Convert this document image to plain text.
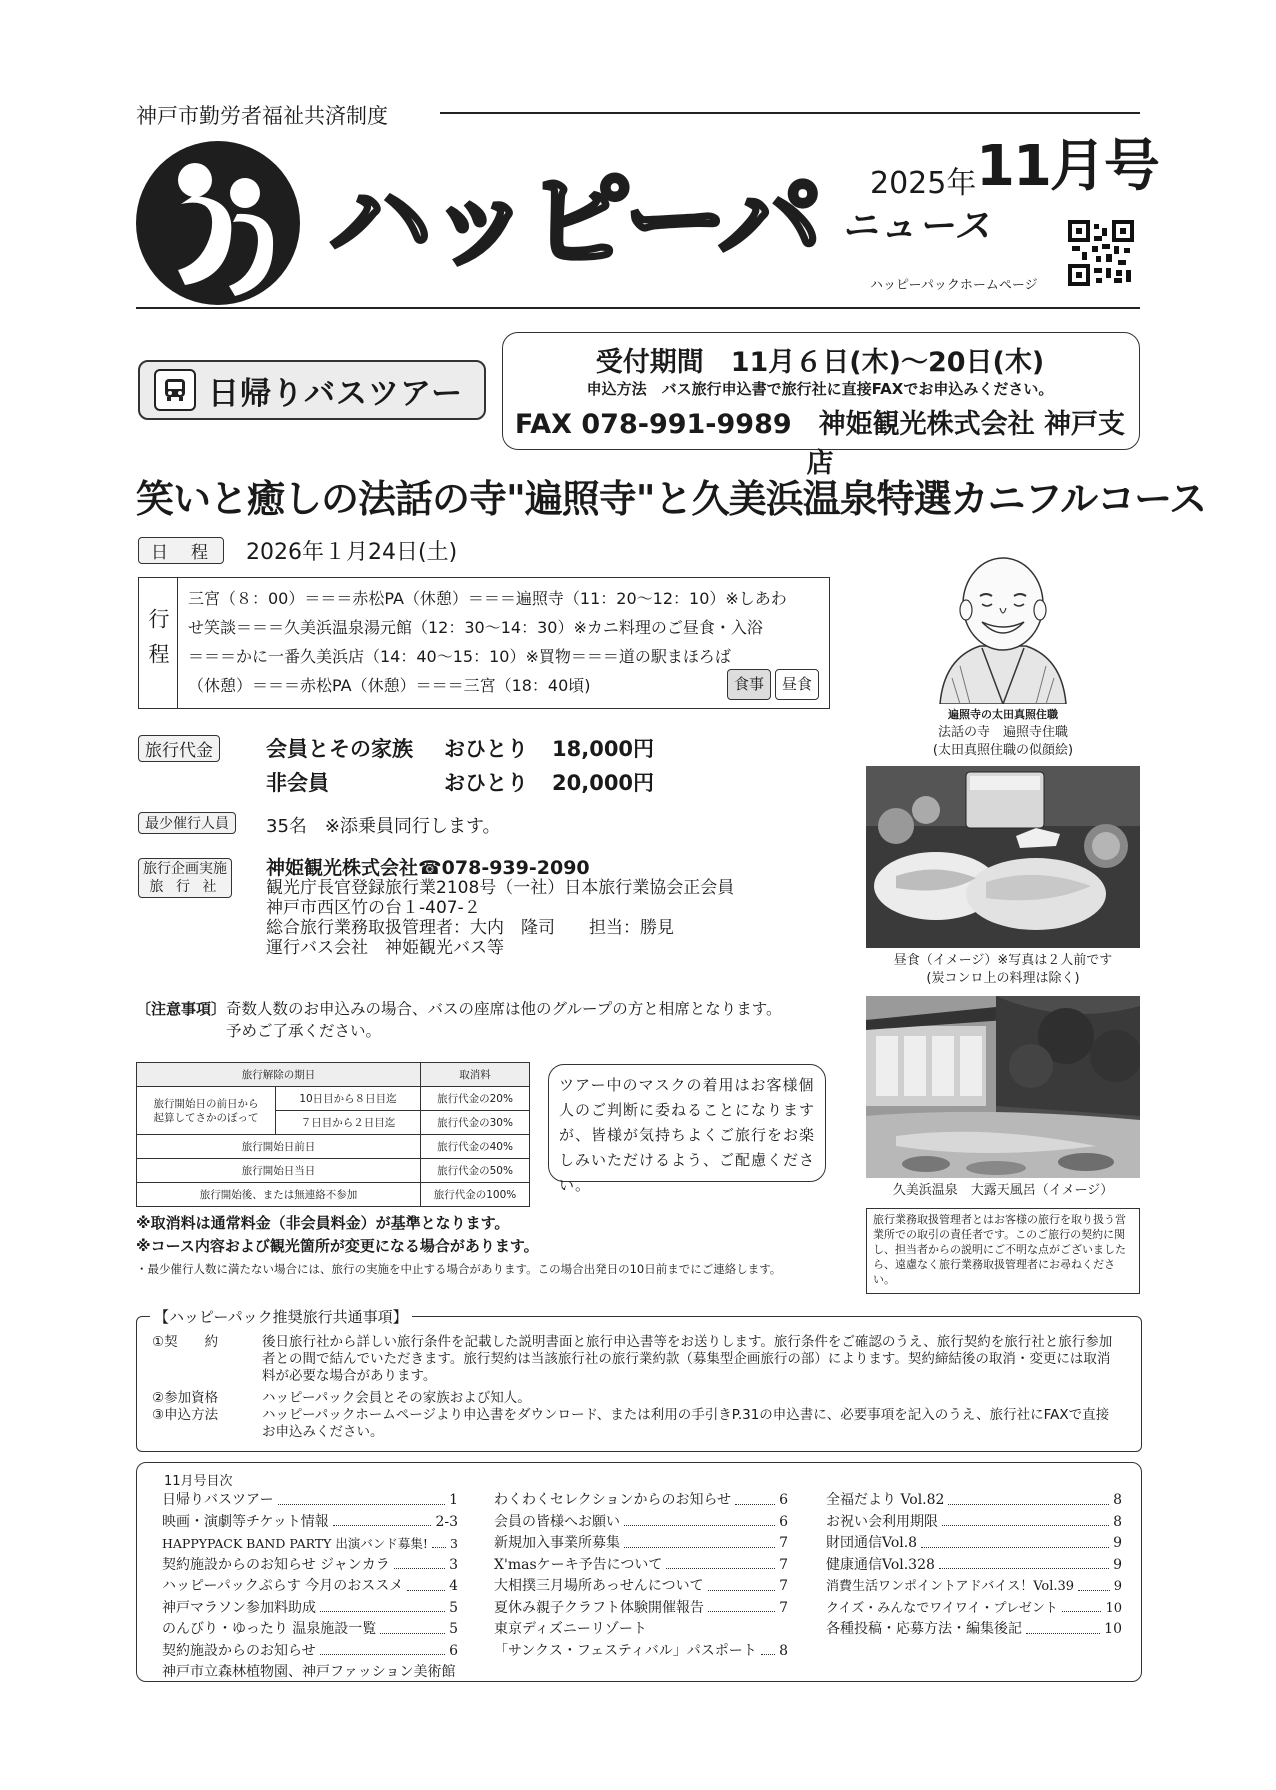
神戸市勤労者福祉共済制度
ハッピーパ ニュース
2025年 11月号
ハッピーパックホームページ
日帰りバスツアー
受付期間　11月６日(木)～20日(木)
申込方法　バス旅行申込書で旅行社に直接FAXでお申込みください。
FAX 078-991-9989　神姫観光株式会社 神戸支店
笑いと癒しの法話の寺"遍照寺"と久美浜温泉特選カニフルコース
日　程	2026年１月24日(土)
行程
三宮（８：00）＝＝＝赤松PA（休憩）＝＝＝遍照寺（11：20～12：10）※しあわ
せ笑談＝＝＝久美浜温泉湯元館（12：30～14：30）※カニ料理のご昼食・入浴
＝＝＝かに一番久美浜店（14：40～15：10）※買物＝＝＝道の駅まほろば
（休憩）＝＝＝赤松PA（休憩）＝＝＝三宮（18：40頃)	食事	昼食
旅行代金	会員とその家族	おひとり	18,000円
非会員	おひとり	20,000円
最少催行人員	35名　※添乗員同行します。
旅行企画実施
旅 行 社
神姫観光株式会社☎078-939-2090
観光庁長官登録旅行業2108号（一社）日本旅行業協会正会員
神戸市西区竹の台１-407-２
総合旅行業務取扱管理者：大内　隆司　　担当：勝見
運行バス会社　神姫観光バス等
〔注意事項〕 奇数人数のお申込みの場合、バスの座席は他のグループの方と相席となります。
予めご了承ください。
旅行解除の期日		取消料

旅行開始日の前日から
起算してさかのぼって	10日目から８日目迄	旅行代金の20%
	７日目から２日目迄	旅行代金の30%
旅行開始日前日		旅行代金の40%
旅行開始日当日		旅行代金の50%
旅行開始後、または無連絡不参加		旅行代金の100%
ツアー中のマスクの着用はお客様個人のご判断に委ねることになりますが、皆様が気持ちよくご旅行をお楽しみいただけるよう、ご配慮ください。
※取消料は通常料金（非会員料金）が基準となります。
※コース内容および観光箇所が変更になる場合があります。
・最少催行人数に満たない場合には、旅行の実施を中止する場合があります。この場合出発日の10日前までにご連絡します。
遍照寺の太田真照住職
法話の寺　遍照寺住職
(太田真照住職の似顔絵)
昼食（イメージ）※写真は２人前です
(炭コンロ上の料理は除く)
久美浜温泉　大露天風呂（イメージ）
旅行業務取扱管理者とはお客様の旅行を取り扱う営業所での取引の責任者です。このご旅行の契約に関し、担当者からの説明にご不明な点がございましたら、遠慮なく旅行業務取扱管理者にお尋ねください。
【ハッピーパック推奨旅行共通事項】
①契　　約	後日旅行社から詳しい旅行条件を記載した説明書面と旅行申込書等をお送りします。旅行条件をご確認のうえ、旅行契約を旅行社と旅行参加者との間で結んでいただきます。旅行契約は当該旅行社の旅行業約款（募集型企画旅行の部）によります。契約締結後の取消・変更には取消料が必要な場合があります。
②参加資格	ハッピーパック会員とその家族および知人。
③申込方法	ハッピーパックホームページより申込書をダウンロード、または利用の手引きP.31の申込書に、必要事項を記入のうえ、旅行社にFAXで直接お申込みください。
11月号目次
日帰りバスツアー	1
映画・演劇等チケット情報	2-3
HAPPYPACK BAND PARTY 出演バンド募集! 3
契約施設からのお知らせ ジャンカラ	3
ハッピーパックぷらす 今月のおススメ	4
神戸マラソン参加料助成	5
のんびり・ゆったり 温泉施設一覧	5
契約施設からのお知らせ	6
神戸市立森林植物園、神戸ファッション美術館
わくわくセレクションからのお知らせ	6
会員の皆様へお願い	6
新規加入事業所募集	7
X'masケーキ予告について	7
大相撲三月場所あっせんについて	7
夏休み親子クラフト体験開催報告	7
東京ディズニーリゾート
「サンクス・フェスティバル」パスポート 8
全福だより Vol.82	8
お祝い会利用期限	8
財団通信Vol.8	9
健康通信Vol.328	9
消費生活ワンポイントアドバイス！Vol.39	9
クイズ・みんなでワイワイ・プレゼント	10
各種投稿・応募方法・編集後記	10
